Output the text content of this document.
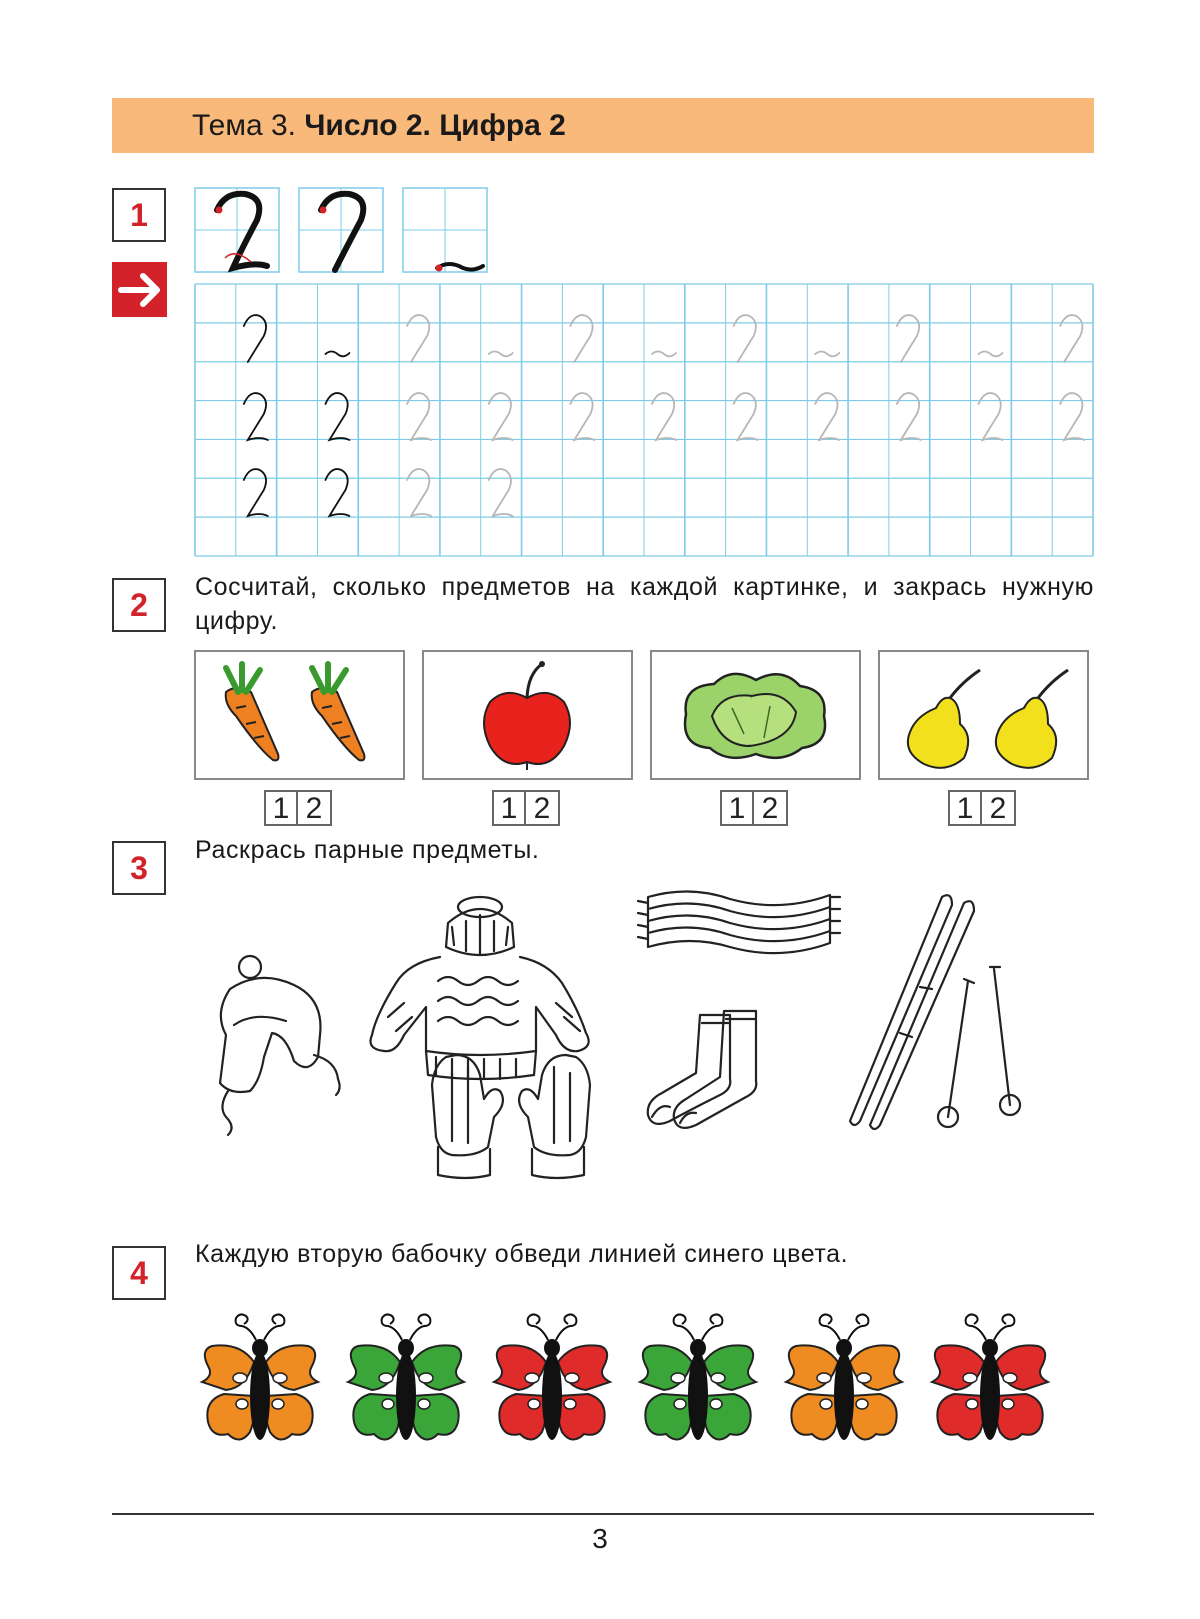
Тема 3. Число 2. Цифра 2
1
2	Сосчитай, сколько предметов на каждой картинке, и закрась нужную цифру.
1 2	1 2	1 2	1 2
3	Раскрась парные предметы.
4
Каждую вторую бабочку обведи линией синего цвета.
3
